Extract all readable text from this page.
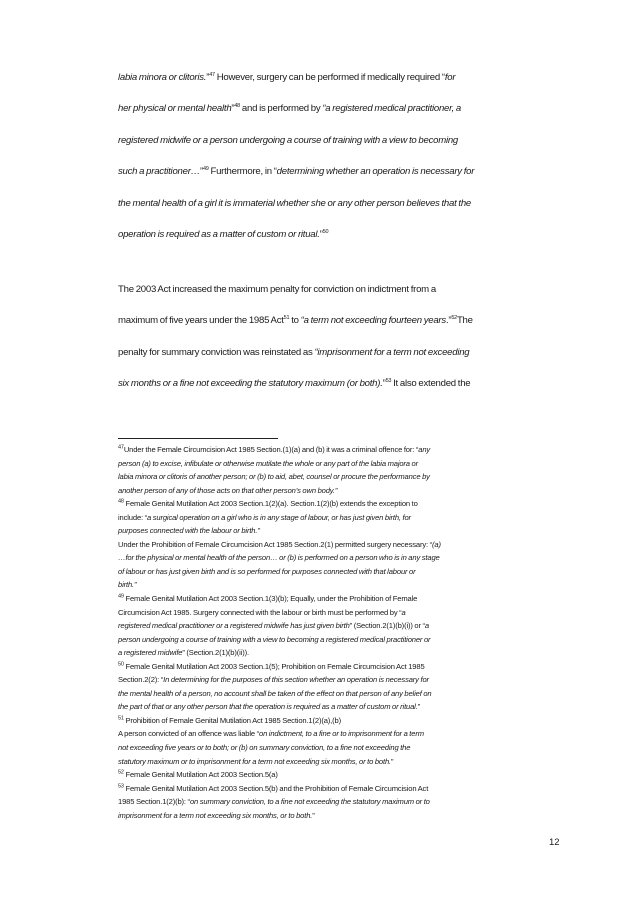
labia minora or clitoris.”$^{47}$ However, surgery can be performed if medically required “for
her physical or mental health”$^{48}$ and is performed by “a registered medical practitioner, a
registered midwife or a person undergoing a course of training with a view to becoming
such a practitioner…”$^{49}$ Furthermore, in “determining whether an operation is necessary for
the mental health of a girl it is immaterial whether she or any other person believes that the
operation is required as a matter of custom or ritual.”$^{50}$

The 2003 Act increased the maximum penalty for conviction on indictment from a
maximum of five years under the 1985 Act$^{51}$ to “a term not exceeding fourteen years.”$^{52}$The
penalty for summary conviction was reinstated as “imprisonment for a term not exceeding
six months or a fine not exceeding the statutory maximum (or both).”$^{53}$ It also extended the

$^{47}$Under the Female Circumcision Act 1985 Section.(1)(a) and (b) it was a criminal offence for: “any
person (a) to excise, infibulate or otherwise mutilate the whole or any part of the labia majora or
labia minora or clitoris of another person; or (b) to aid, abet, counsel or procure the performance by
another person of any of those acts on that other person’s own body.”
$^{48}$ Female Genital Mutilation Act 2003 Section.1(2)(a). Section.1(2)(b) extends the exception to
include: “a surgical operation on a girl who is in any stage of labour, or has just given birth, for
purposes connected with the labour or birth.”
Under the Prohibition of Female Circumcision Act 1985 Section.2(1) permitted surgery necessary: “(a)
…for the physical or mental health of the person… or (b) is performed on a person who is in any stage
of labour or has just given birth and is so performed for purposes connected with that labour or
birth.”
$^{49}$ Female Genital Mutilation Act 2003 Section.1(3)(b); Equally, under the Prohibition of Female
Circumcision Act 1985. Surgery connected with the labour or birth must be performed by “a
registered medical practitioner or a registered midwife has just given birth” (Section.2(1)(b)(i)) or “a
person undergoing a course of training with a view to becoming a registered medical practitioner or
a registered midwife” (Section.2(1)(b)(ii)).
$^{50}$ Female Genital Mutilation Act 2003 Section.1(5); Prohibition on Female Circumcision Act 1985
Section.2(2): “In determining for the purposes of this section whether an operation is necessary for
the mental health of a person, no account shall be taken of the effect on that person of any belief on
the part of that or any other person that the operation is required as a matter of custom or ritual.”
$^{51}$ Prohibition of Female Genital Mutilation Act 1985 Section.1(2)(a),(b)
A person convicted of an offence was liable “on indictment, to a fine or to imprisonment for a term
not exceeding five years or to both; or (b) on summary conviction, to a fine not exceeding the
statutory maximum or to imprisonment for a term not exceeding six months, or to both.”
$^{52}$ Female Genital Mutilation Act 2003 Section.5(a)
$^{53}$ Female Genital Mutilation Act 2003 Section.5(b) and the Prohibition of Female Circumcision Act
1985 Section.1(2)(b): “on summary conviction, to a fine not exceeding the statutory maximum or to
imprisonment for a term not exceeding six months, or to both.”
12
